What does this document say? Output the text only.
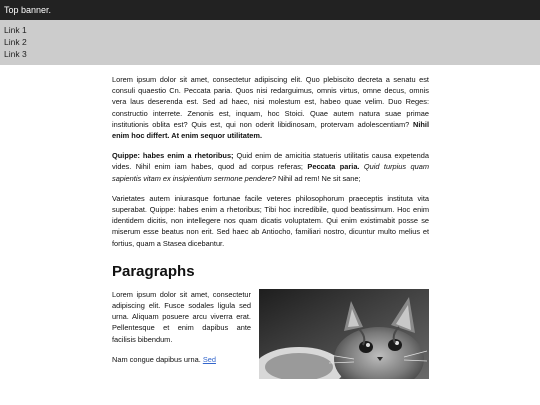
Top banner.
Link 1
Link 2
Link 3

Lorem ipsum dolor sit amet, consectetur adipiscing elit. Quo plebiscito decreta a senatu est consuli quaestio Cn. Peccata paria. Quos nisi redarguimus, omnis virtus, omne decus, omnis vera laus deserenda est. Sed ad haec, nisi molestum est, habeo quae velim. Duo Reges: constructio interrete. Zenonis est, inquam, hoc Stoici. Quae autem natura suae primae institutionis oblita est? Quis est, qui non oderit libidinosam, protervam adolescentiam? Nihil enim hoc differt. At enim sequor utilitatem.

Quippe: habes enim a rhetoribus; Quid enim de amicitia statueris utilitatis causa expetenda vides. Nihil enim iam habes, quod ad corpus referas; Peccata paria. Quid turpius quam sapientis vitam ex insipientium sermone pendere? Nihil ad rem! Ne sit sane;

Varietates autem iniurasque fortunae facile veteres philosophorum praeceptis instituta vita superabat. Quippe: habes enim a rhetoribus; Tibi hoc incredibile, quod beatissimum. Hoc enim identidem dicitis, non intellegere nos quam dicatis voluptatem. Qui enim existimabit posse se miserum esse beatus non erit. Sed haec ab Antiocho, familiari nostro, dicuntur multo melius et fortius, quam a Stasea dicebantur.

Paragraphs

Lorem ipsum dolor sit amet, consectetur adipiscing elit. Fusce sodales ligula sed urna. Aliquam posuere arcu viverra erat. Pellentesque et enim dapibus ante facilisis bibendum.

Nam congue dapibus urna. Sed
